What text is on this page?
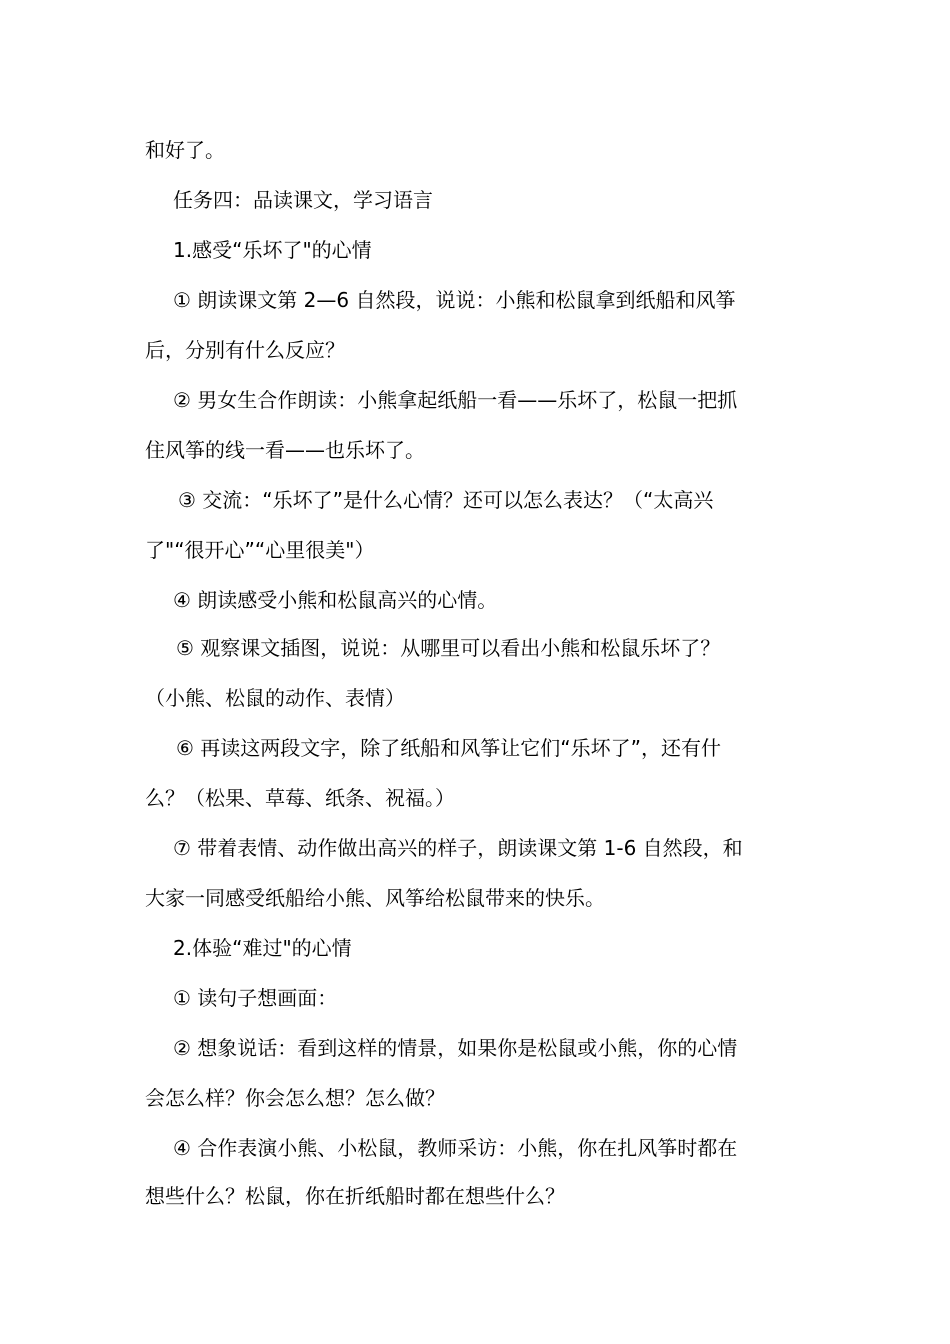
和好了。
任务四：品读课文，学习语言
1.感受“乐坏了"的心情
① 朗读课文第 2—6 自然段，说说：小熊和松鼠拿到纸船和风筝
后，分别有什么反应？
② 男女生合作朗读：小熊拿起纸船一看——乐坏了，松鼠一把抓
住风筝的线一看——也乐坏了。
③ 交流：“乐坏了”是什么心情？还可以怎么表达？（“太高兴
了"“很开心”“心里很美"）
④ 朗读感受小熊和松鼠高兴的心情。
⑤ 观察课文插图，说说：从哪里可以看出小熊和松鼠乐坏了？
（小熊、松鼠的动作、表情）
⑥ 再读这两段文字，除了纸船和风筝让它们“乐坏了”，还有什
么？（松果、草莓、纸条、祝福。）
⑦ 带着表情、动作做出高兴的样子，朗读课文第 1-6 自然段，和
大家一同感受纸船给小熊、风筝给松鼠带来的快乐。
2.体验“难过"的心情
① 读句子想画面：
② 想象说话：看到这样的情景，如果你是松鼠或小熊，你的心情
会怎么样？你会怎么想？怎么做？
④ 合作表演小熊、小松鼠，教师采访：小熊，你在扎风筝时都在
想些什么？松鼠，你在折纸船时都在想些什么？
